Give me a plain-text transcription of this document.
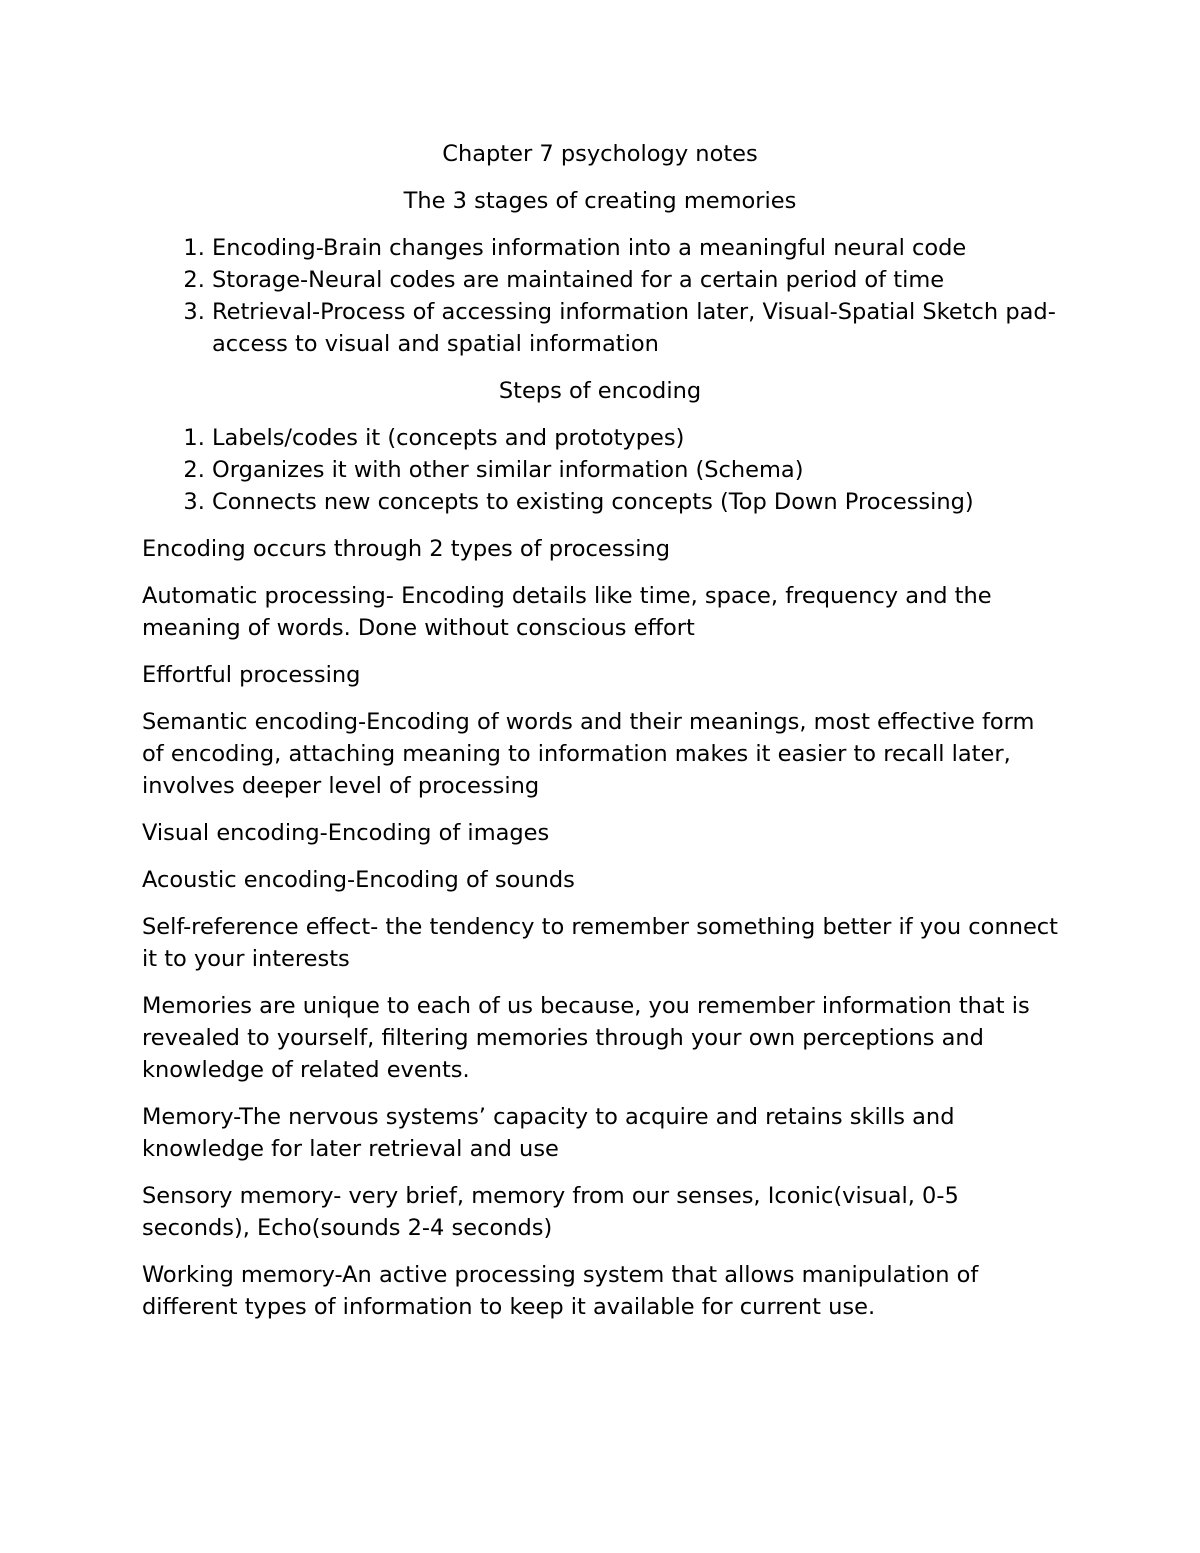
Chapter 7 psychology notes

The 3 stages of creating memories

1. Encoding-Brain changes information into a meaningful neural code
2. Storage-Neural codes are maintained for a certain period of time
3. Retrieval-Process of accessing information later, Visual-Spatial Sketch pad- access to visual and spatial information

Steps of encoding

1. Labels/codes it (concepts and prototypes)
2. Organizes it with other similar information (Schema)
3. Connects new concepts to existing concepts (Top Down Processing)

Encoding occurs through 2 types of processing

Automatic processing- Encoding details like time, space, frequency and the meaning of words. Done without conscious effort

Effortful processing

Semantic encoding-Encoding of words and their meanings, most effective form of encoding, attaching meaning to information makes it easier to recall later, involves deeper level of processing

Visual encoding-Encoding of images

Acoustic encoding-Encoding of sounds

Self-reference effect- the tendency to remember something better if you connect it to your interests

Memories are unique to each of us because, you remember information that is revealed to yourself, filtering memories through your own perceptions and knowledge of related events.

Memory-The nervous systems’ capacity to acquire and retains skills and knowledge for later retrieval and use

Sensory memory- very brief, memory from our senses, Iconic(visual, 0-5 seconds), Echo(sounds 2-4 seconds)

Working memory-An active processing system that allows manipulation of different types of information to keep it available for current use.
